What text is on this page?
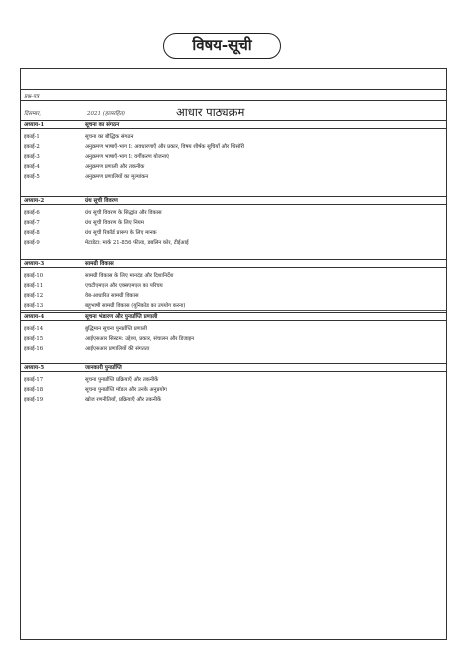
विषय-सूची
प्रश्न-पत्र
दिसम्बर,	2021 (हलसहित)	आधार पाठ्यक्रम
अध्याय-1	सूचना का संगठन
इकाई-1	सूचना का बौद्धिक संगठन
इकाई-2	अनुक्रमण भाषाएँ-भाग I: अवधारणाएँ और प्रकार, विषय शीर्षक सूचियाँ और थिसॉरी
इकाई-3	अनुक्रमण भाषाएँ-भाग I: वर्गीकरण योजनाएं
इकाई-4	अनुक्रमण प्रणाली और तकनीक
इकाई-5	अनुक्रमण प्रणालियों का मूल्यांकन
अध्याय-2	ग्रंथ सूची विवरण
इकाई-6	ग्रंथ सूची विवरण के सिद्धांत और विकास
इकाई-7	ग्रंथ सूची विवरण के लिए नियम
इकाई-8	ग्रंथ सूची रिकॉर्ड प्रारूप के लिए मानक
इकाई-9	मेटाडेटा: मार्क 21-856 फील्ड, डबलिन कोर, टीईआई
अध्याय-3	सामग्री विकास
इकाई-10	सामग्री विकास के लिए मानदंड और दिशानिर्देश
इकाई-11	एचटीएमएल और एक्सएमएल का परिचय
इकाई-12	वेब-आधारित सामग्री विकास
इकाई-13	बहुभाषी सामग्री विकास (यूनिकोड का उपयोग करना)
अध्याय-4	सूचना भंडारण और पुनर्प्राप्ति प्रणाली
इकाई-14	बुद्धिमान सूचना पुनर्प्राप्ति प्रणाली
इकाई-15	आईएसआर सिस्टम: उद्देश्य, प्रकार, संचालन और डिजाइन
इकाई-16	आईएसआर प्रणालियों की संगतता
अध्याय-5	जानकारी पुनर्प्राप्ति
इकाई-17	सूचना पुनर्प्राप्ति प्रक्रियाएँ और तकनीकें
इकाई-18	सूचना पुनर्प्राप्ति मॉडल और उनके अनुप्रयोग
इकाई-19	खोज रणनीतियाँ, प्रक्रियाएँ और तकनीकें
